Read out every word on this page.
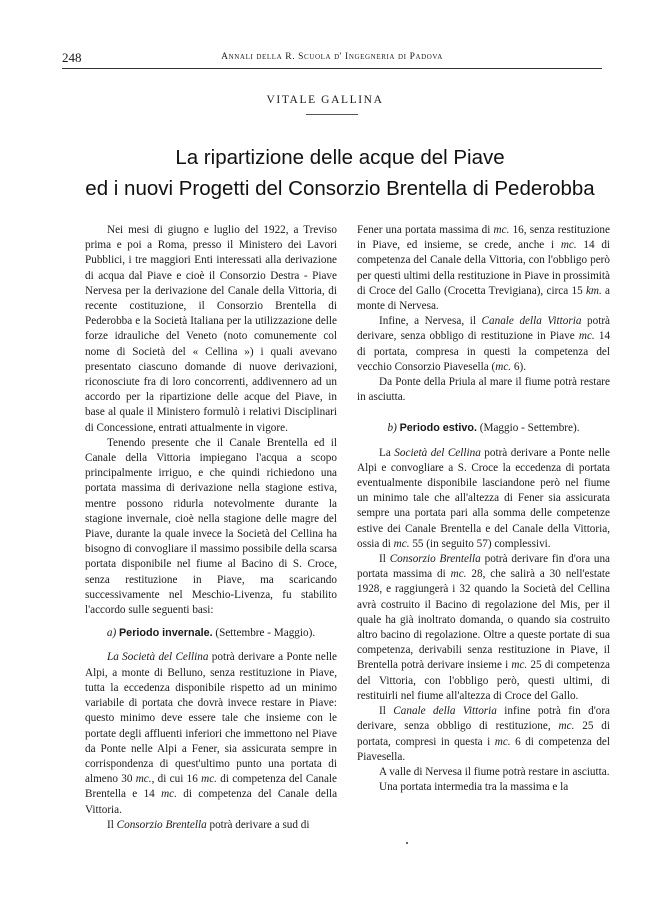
248	Annali della R. Scuola d' Ingegneria di Padova
VITALE GALLINA
La ripartizione delle acque del Piave
ed i nuovi Progetti del Consorzio Brentella di Pederobba

Nei mesi di giugno e luglio del 1922, a Treviso prima e poi a Roma, presso il Ministero dei Lavori Pubblici, i tre maggiori Enti interessati alla derivazione di acqua dal Piave e cioè il Consorzio Destra - Piave Nervesa per la derivazione del Canale della Vittoria, di recente costituzione, il Consorzio Brentella di Pederobba e la Società Italiana per la utilizzazione delle forze idrauliche del Veneto (noto comunemente col nome di Società del « Cellina ») i quali avevano presentato ciascuno domande di nuove derivazioni, riconosciute fra di loro concorrenti, addivennero ad un accordo per la ripartizione delle acque del Piave, in base al quale il Ministero formulò i relativi Disciplinari di Concessione, entrati attualmente in vigore.

Tenendo presente che il Canale Brentella ed il Canale della Vittoria impiegano l'acqua a scopo principalmente irriguo, e che quindi richiedono una portata massima di derivazione nella stagione estiva, mentre possono ridurla notevolmente durante la stagione invernale, cioè nella stagione delle magre del Piave, durante la quale invece la Società del Cellina ha bisogno di convogliare il massimo possibile della scarsa portata disponibile nel fiume al Bacino di S. Croce, senza restituzione in Piave, ma scaricando successivamente nel Meschio-Livenza, fu stabilito l'accordo sulle seguenti basi:

a) Periodo invernale. (Settembre - Maggio).

La Società del Cellina potrà derivare a Ponte nelle Alpi, a monte di Belluno, senza restituzione in Piave, tutta la eccedenza disponibile rispetto ad un minimo variabile di portata che dovrà invece restare in Piave: questo minimo deve essere tale che insieme con le portate degli affluenti inferiori che immettono nel Piave da Ponte nelle Alpi a Fener, sia assicurata sempre in corrispondenza di quest'ultimo punto una portata di almeno 30 mc., di cui 16 mc. di competenza del Canale Brentella e 14 mc. di competenza del Canale della Vittoria.

Il Consorzio Brentella potrà derivare a sud di

Fener una portata massima di mc. 16, senza restituzione in Piave, ed insieme, se crede, anche i mc. 14 di competenza del Canale della Vittoria, con l'obbligo però per questi ultimi della restituzione in Piave in prossimità di Croce del Gallo (Crocetta Trevigiana), circa 15 km. a monte di Nervesa.

Infine, a Nervesa, il Canale della Vittoria potrà derivare, senza obbligo di restituzione in Piave mc. 14 di portata, compresa in questi la competenza del vecchio Consorzio Piavesella (mc. 6).

Da Ponte della Priula al mare il fiume potrà restare in asciutta.

b) Periodo estivo. (Maggio - Settembre).

La Società del Cellina potrà derivare a Ponte nelle Alpi e convogliare a S. Croce la eccedenza di portata eventualmente disponibile lasciandone però nel fiume un minimo tale che all'altezza di Fener sia assicurata sempre una portata pari alla somma delle competenze estive dei Canale Brentella e del Canale della Vittoria, ossia di mc. 55 (in seguito 57) complessivi.

Il Consorzio Brentella potrà derivare fin d'ora una portata massima di mc. 28, che salirà a 30 nell'estate 1928, e raggiungerà i 32 quando la Società del Cellina avrà costruito il Bacino di regolazione del Mis, per il quale ha già inoltrato domanda, o quando sia costruito altro bacino di regolazione. Oltre a queste portate di sua competenza, derivabili senza restituzione in Piave, il Brentella potrà derivare insieme i mc. 25 di competenza del Vittoria, con l'obbligo però, questi ultimi, di restituirli nel fiume all'altezza di Croce del Gallo.

Il Canale della Vittoria infine potrà fin d'ora derivare, senza obbligo di restituzione, mc. 25 di portata, compresi in questa i mc. 6 di competenza del Piavesella.

A valle di Nervesa il fiume potrà restare in asciutta.

Una portata intermedia tra la massima e la
